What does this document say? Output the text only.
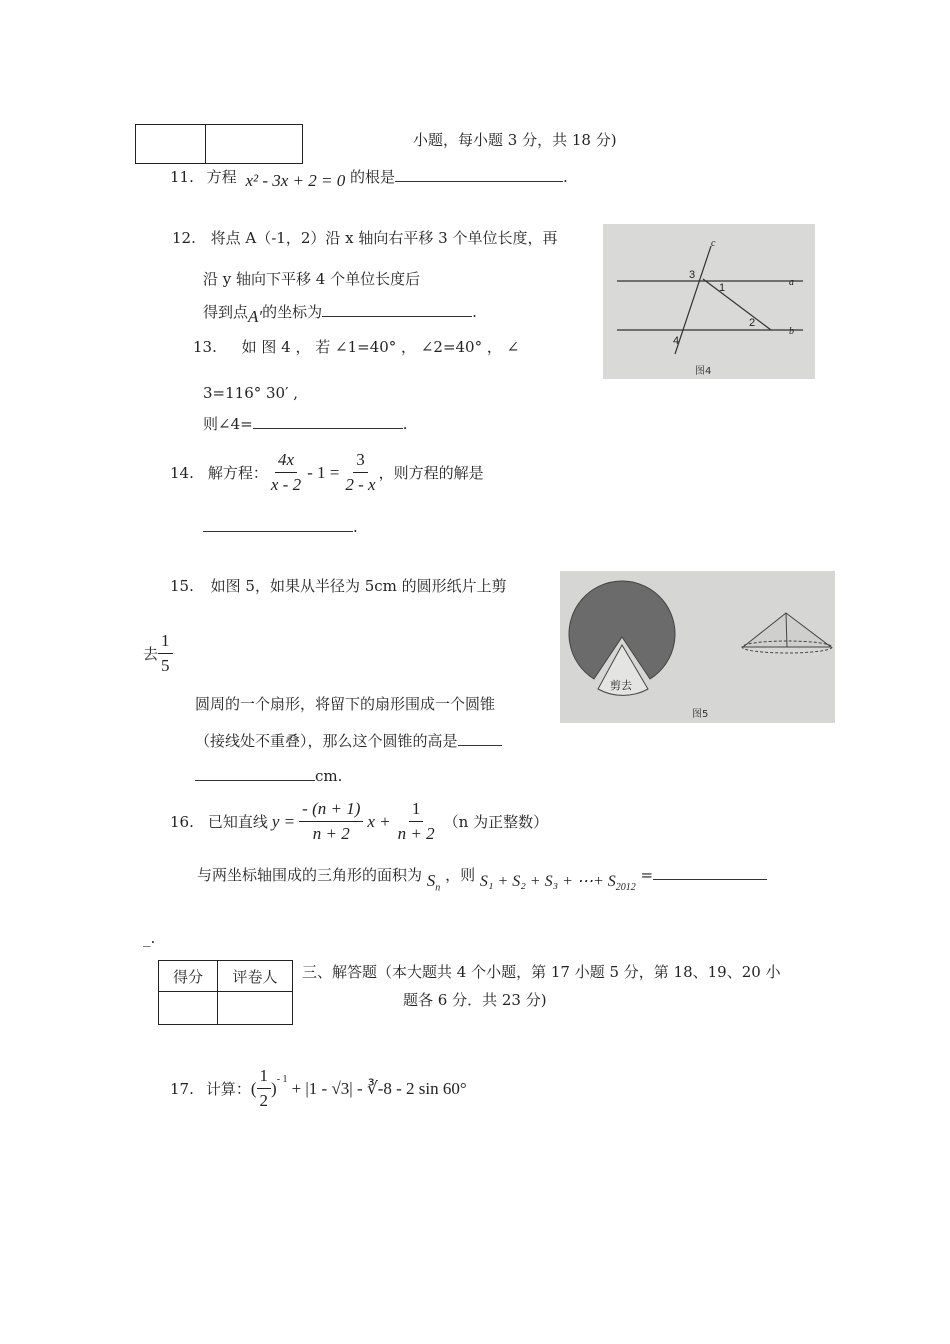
小题，每小题 3 分，共 18 分)
11. 方程 x² - 3x + 2 = 0 的根是	.
12. 将点 A（-1，2）沿 x 轴向右平移 3 个单位长度，再
沿 y 轴向下平移 4 个单位长度后
得到点A′的坐标为	.
c
3
1	a
2
b
4
图4
13. 如 图 4 ， 若 ∠1=40° ， ∠2=40° ， ∠
3=116° 30′ ,
则∠4=	.
14. 解方程： $\frac{4x}{x - 2} - 1 = \frac{3}{2 - x}$ ，则方程的解是
.
剪去
图5
15. 如图 5，如果从半径为 5cm 的圆形纸片上剪
去 $\frac{1}{5}$
圆周的一个扇形，将留下的扇形围成一个圆锥
（接线处不重叠），那么这个圆锥的高是
cm.
16. 已知直线 $y = \frac{- (n + 1)}{n + 2}$ $x + \frac{1}{n + 2} (n$ 为正整数）
与两坐标轴围成的三角形的面积为 $S_n$ ，则 S₁ + S₂ + S₃ + ⋯+ $S_{2012}$ =
_.
得分	评卷人
	三、解答题（本大题共 4 个小题，第 17 小题 5 分，第 18、19、20 小
题各 6 分．共 23 分)
17. 计算： ( $\frac{1}{2}$ ) - 1 + |1 - √3| - ∛-8 - 2 sin 60°
